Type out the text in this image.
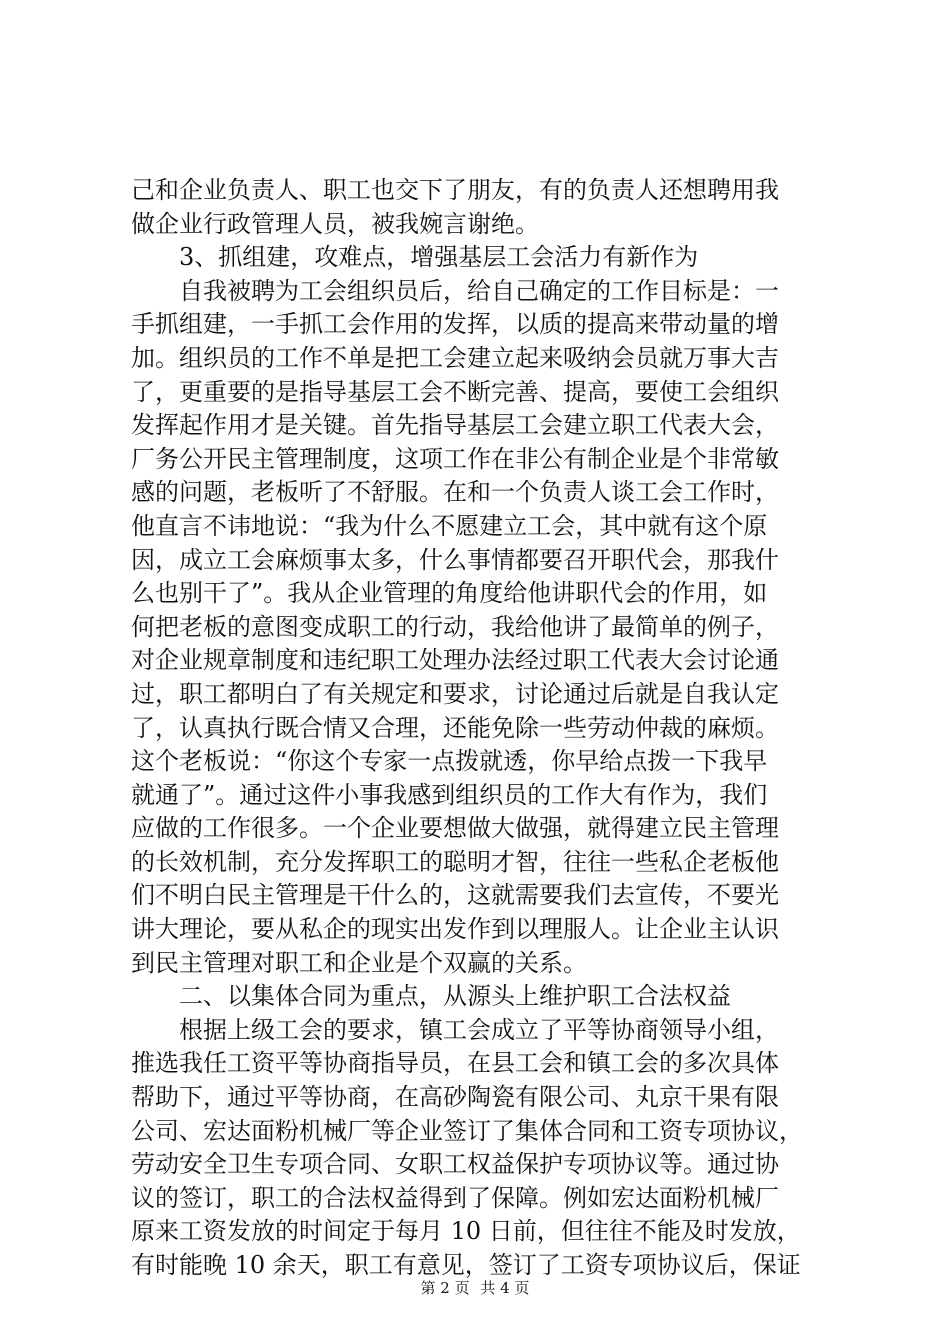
己和企业负责人、职工也交下了朋友，有的负责人还想聘用我
做企业行政管理人员，被我婉言谢绝。
3、抓组建，攻难点，增强基层工会活力有新作为
自我被聘为工会组织员后，给自己确定的工作目标是：一
手抓组建，一手抓工会作用的发挥，以质的提高来带动量的增
加。组织员的工作不单是把工会建立起来吸纳会员就万事大吉
了，更重要的是指导基层工会不断完善、提高，要使工会组织
发挥起作用才是关键。首先指导基层工会建立职工代表大会，
厂务公开民主管理制度，这项工作在非公有制企业是个非常敏
感的问题，老板听了不舒服。在和一个负责人谈工会工作时，
他直言不讳地说：“我为什么不愿建立工会，其中就有这个原
因，成立工会麻烦事太多，什么事情都要召开职代会，那我什
么也别干了”。我从企业管理的角度给他讲职代会的作用，如
何把老板的意图变成职工的行动，我给他讲了最简单的例子，
对企业规章制度和违纪职工处理办法经过职工代表大会讨论通
过，职工都明白了有关规定和要求，讨论通过后就是自我认定
了，认真执行既合情又合理，还能免除一些劳动仲裁的麻烦。
这个老板说：“你这个专家一点拨就透，你早给点拨一下我早
就通了”。通过这件小事我感到组织员的工作大有作为，我们
应做的工作很多。一个企业要想做大做强，就得建立民主管理
的长效机制，充分发挥职工的聪明才智，往往一些私企老板他
们不明白民主管理是干什么的，这就需要我们去宣传，不要光
讲大理论，要从私企的现实出发作到以理服人。让企业主认识
到民主管理对职工和企业是个双赢的关系。
二、以集体合同为重点，从源头上维护职工合法权益
根据上级工会的要求，镇工会成立了平等协商领导小组，
推选我任工资平等协商指导员，在县工会和镇工会的多次具体
帮助下，通过平等协商，在高砂陶瓷有限公司、丸京干果有限
公司、宏达面粉机械厂等企业签订了集体合同和工资专项协议，
劳动安全卫生专项合同、女职工权益保护专项协议等。通过协
议的签订，职工的合法权益得到了保障。例如宏达面粉机械厂
原来工资发放的时间定于每月 10 日前，但往往不能及时发放，
有时能晚 10 余天，职工有意见，签订了工资专项协议后，保证
第 2 页 共 4 页
